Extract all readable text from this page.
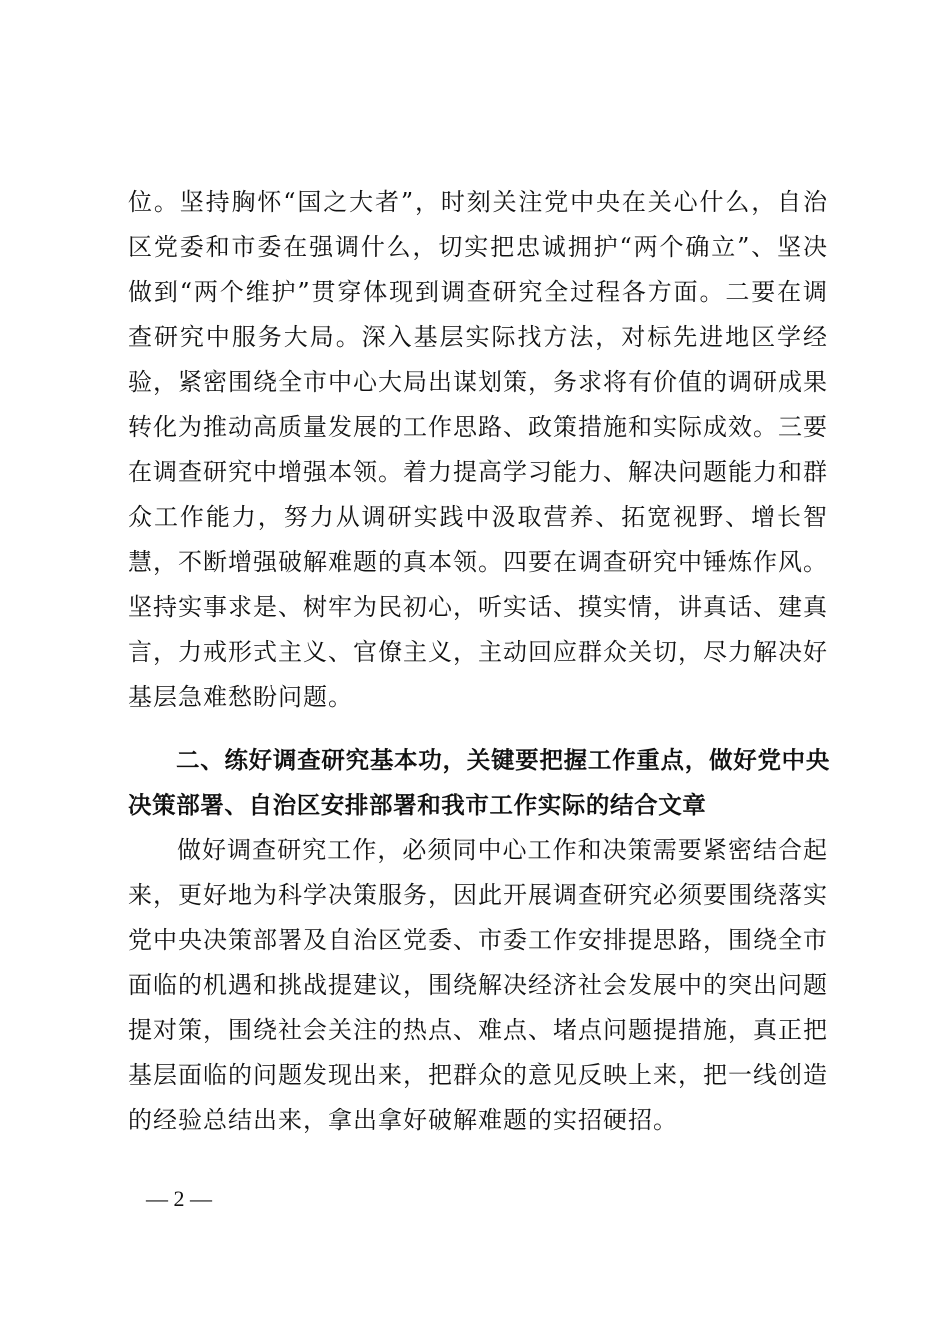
位。坚持胸怀“国之大者”，时刻关注党中央在关心什么，自治区党委和市委在强调什么，切实把忠诚拥护“两个确立”、坚决做到“两个维护”贯穿体现到调查研究全过程各方面。二要在调查研究中服务大局。深入基层实际找方法，对标先进地区学经验，紧密围绕全市中心大局出谋划策，务求将有价值的调研成果转化为推动高质量发展的工作思路、政策措施和实际成效。三要在调查研究中增强本领。着力提高学习能力、解决问题能力和群众工作能力，努力从调研实践中汲取营养、拓宽视野、增长智慧，不断增强破解难题的真本领。四要在调查研究中锤炼作风。坚持实事求是、树牢为民初心，听实话、摸实情，讲真话、建真言，力戒形式主义、官僚主义，主动回应群众关切，尽力解决好基层急难愁盼问题。

二、练好调查研究基本功，关键要把握工作重点，做好党中央决策部署、自治区安排部署和我市工作实际的结合文章

做好调查研究工作，必须同中心工作和决策需要紧密结合起来，更好地为科学决策服务，因此开展调查研究必须要围绕落实党中央决策部署及自治区党委、市委工作安排提思路，围绕全市面临的机遇和挑战提建议，围绕解决经济社会发展中的突出问题提对策，围绕社会关注的热点、难点、堵点问题提措施，真正把基层面临的问题发现出来，把群众的意见反映上来，把一线创造的经验总结出来，拿出拿好破解难题的实招硬招。

— 2 —
